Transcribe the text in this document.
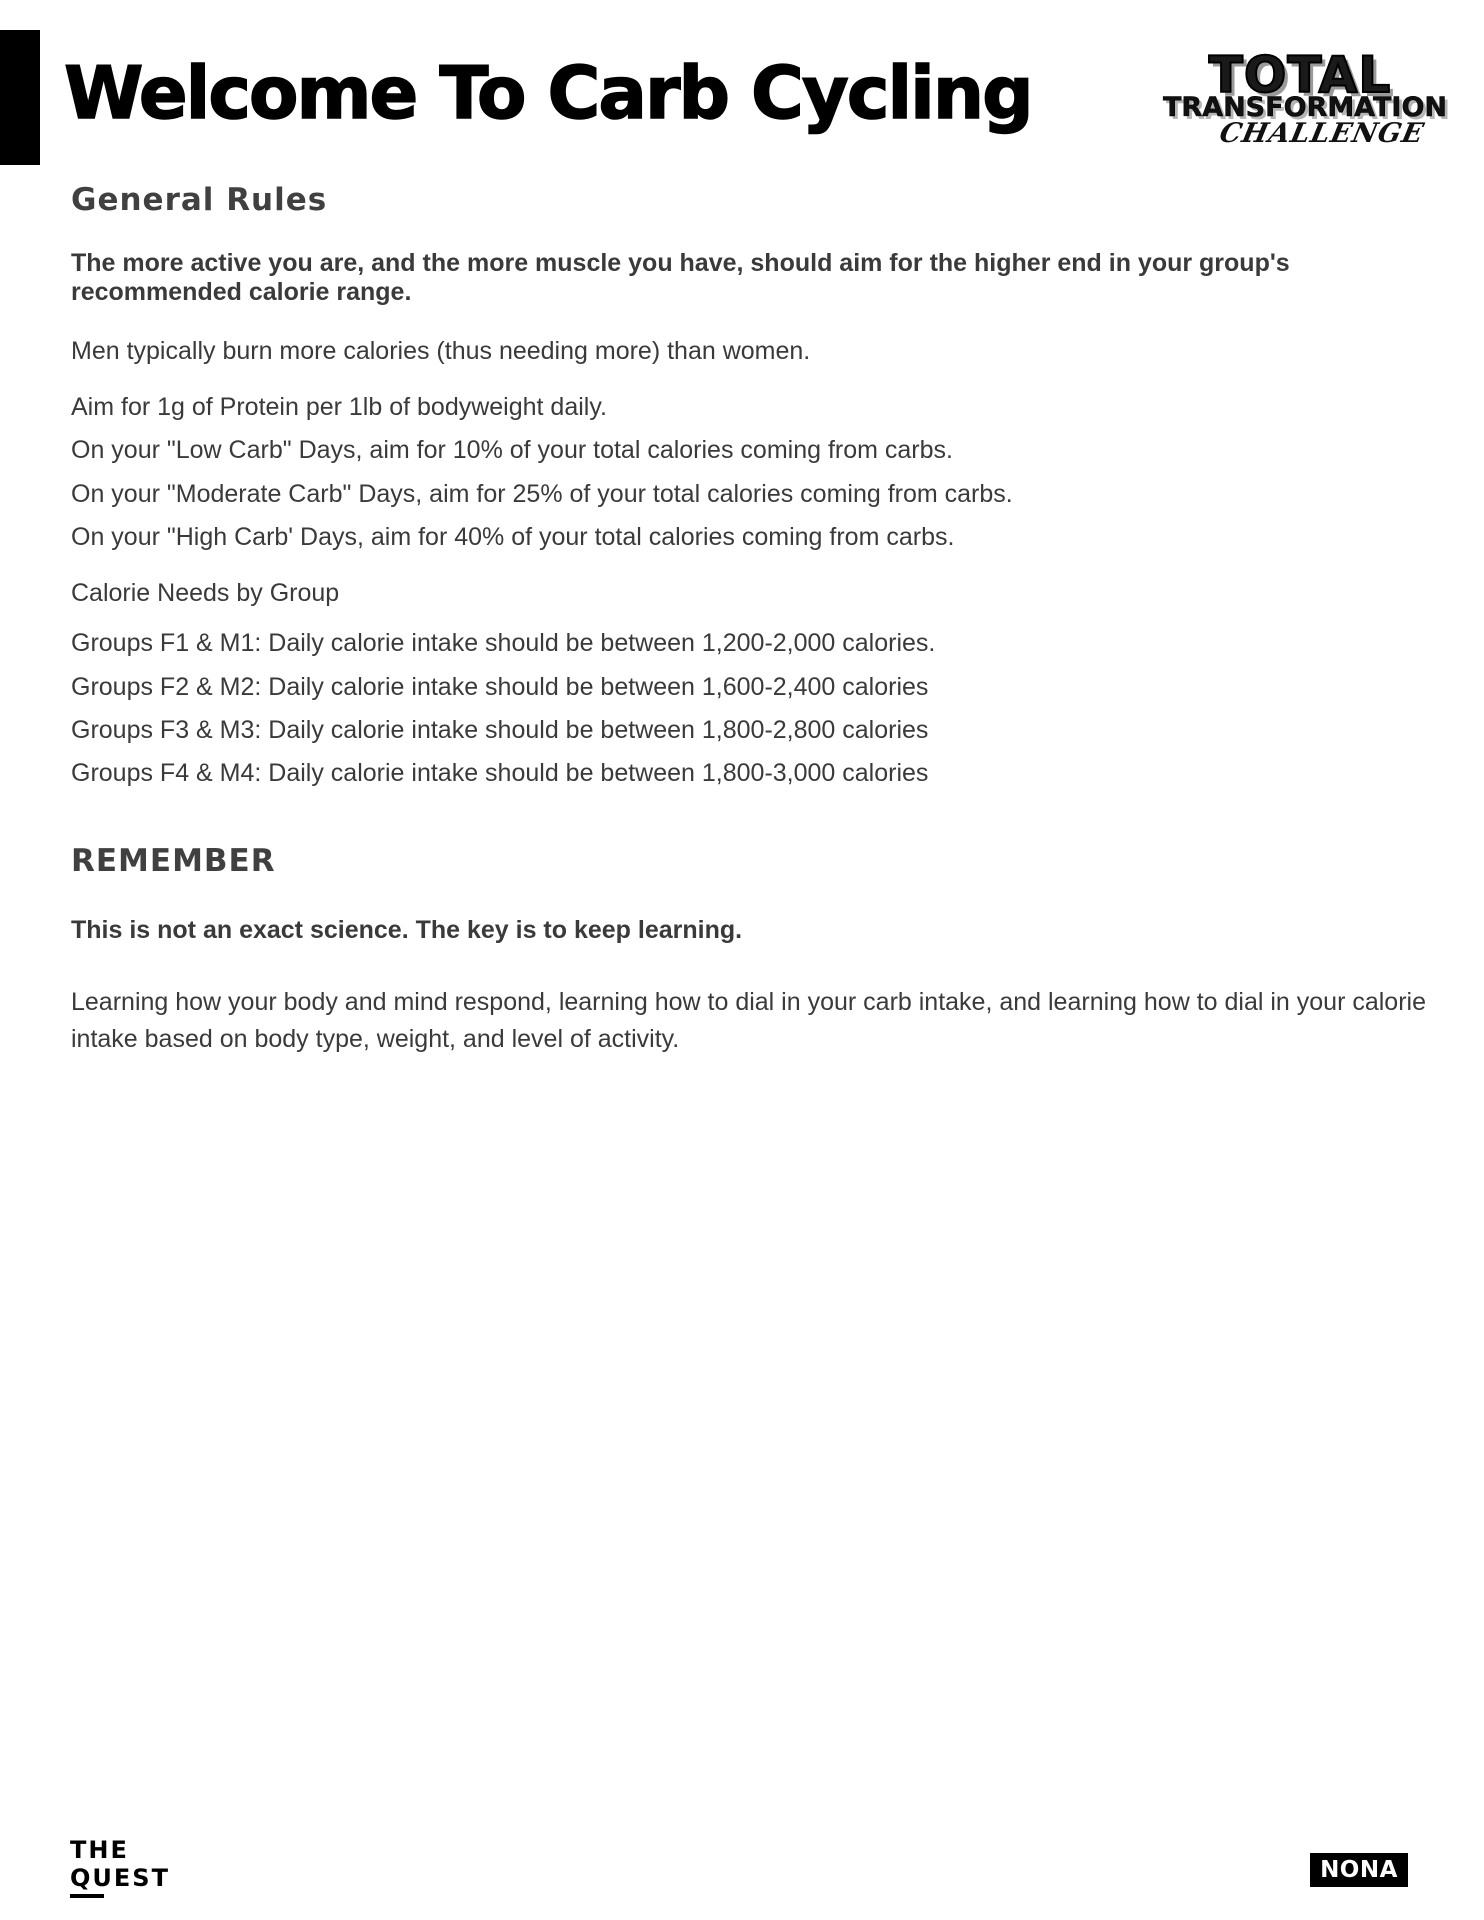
Welcome To Carb Cycling	TOTAL
TRANSFORMATION
CHALLENGE
General Rules

The more active you are, and the more muscle you have, should aim for the higher end in your group's recommended calorie range.

Men typically burn more calories (thus needing more) than women.

Aim for 1g of Protein per 1lb of bodyweight daily.

On your "Low Carb" Days, aim for 10% of your total calories coming from carbs.

On your "Moderate Carb" Days, aim for 25% of your total calories coming from carbs.

On your "High Carb' Days, aim for 40% of your total calories coming from carbs.

Calorie Needs by Group

Groups F1 & M1: Daily calorie intake should be between 1,200-2,000 calories.

Groups F2 & M2: Daily calorie intake should be between 1,600-2,400 calories

Groups F3 & M3: Daily calorie intake should be between 1,800-2,800 calories

Groups F4 & M4: Daily calorie intake should be between 1,800-3,000 calories

REMEMBER

This is not an exact science. The key is to keep learning.

Learning how your body and mind respond, learning how to dial in your carb intake, and learning how to dial in your calorie intake based on body type, weight, and level of activity.

THE
QUEST	NONA
